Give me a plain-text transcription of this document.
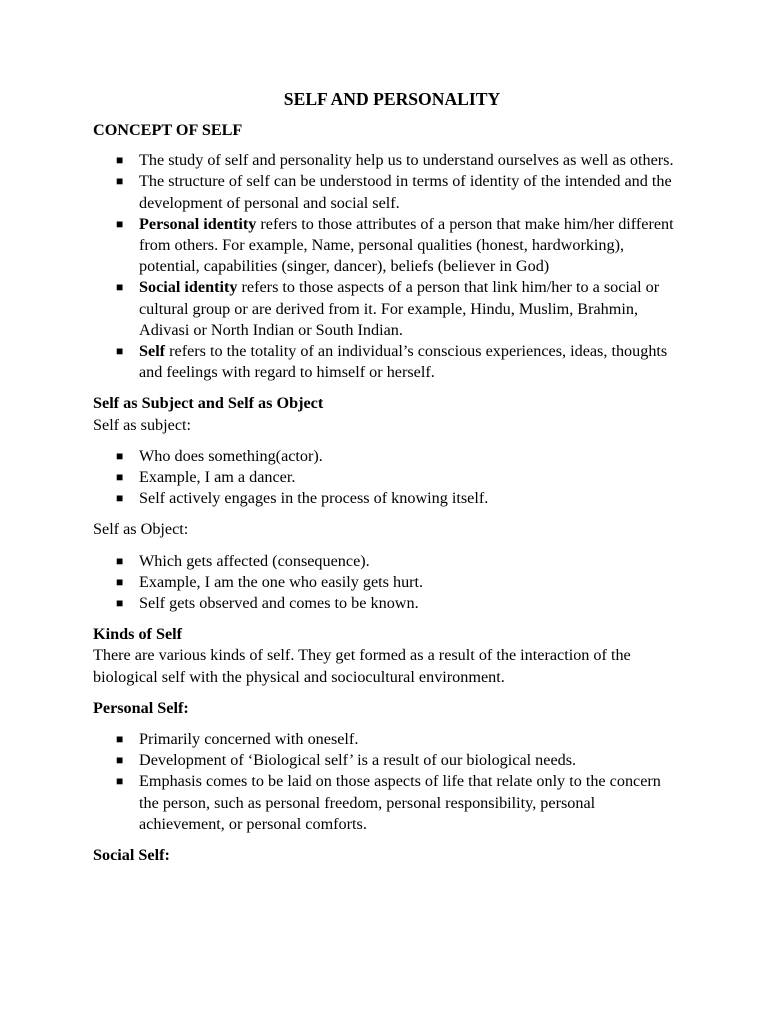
SELF AND PERSONALITY

CONCEPT OF SELF

■ The study of self and personality help us to understand ourselves as well as others.
■ The structure of self can be understood in terms of identity of the intended and the development of personal and social self.
■ Personal identity refers to those attributes of a person that make him/her different from others. For example, Name, personal qualities (honest, hardworking), potential, capabilities (singer, dancer), beliefs (believer in God)
■ Social identity refers to those aspects of a person that link him/her to a social or cultural group or are derived from it. For example, Hindu, Muslim, Brahmin, Adivasi or North Indian or South Indian.
■ Self refers to the totality of an individual’s conscious experiences, ideas, thoughts and feelings with regard to himself or herself.

Self as Subject and Self as Object

Self as subject:

■ Who does something(actor).
■ Example, I am a dancer.
■ Self actively engages in the process of knowing itself.

Self as Object:

■ Which gets affected (consequence).
■ Example, I am the one who easily gets hurt.
■ Self gets observed and comes to be known.

Kinds of Self

There are various kinds of self. They get formed as a result of the interaction of the biological self with the physical and sociocultural environment.

Personal Self:

■ Primarily concerned with oneself.
■ Development of ‘Biological self’ is a result of our biological needs.
■ Emphasis comes to be laid on those aspects of life that relate only to the concern the person, such as personal freedom, personal responsibility, personal achievement, or personal comforts.

Social Self:
